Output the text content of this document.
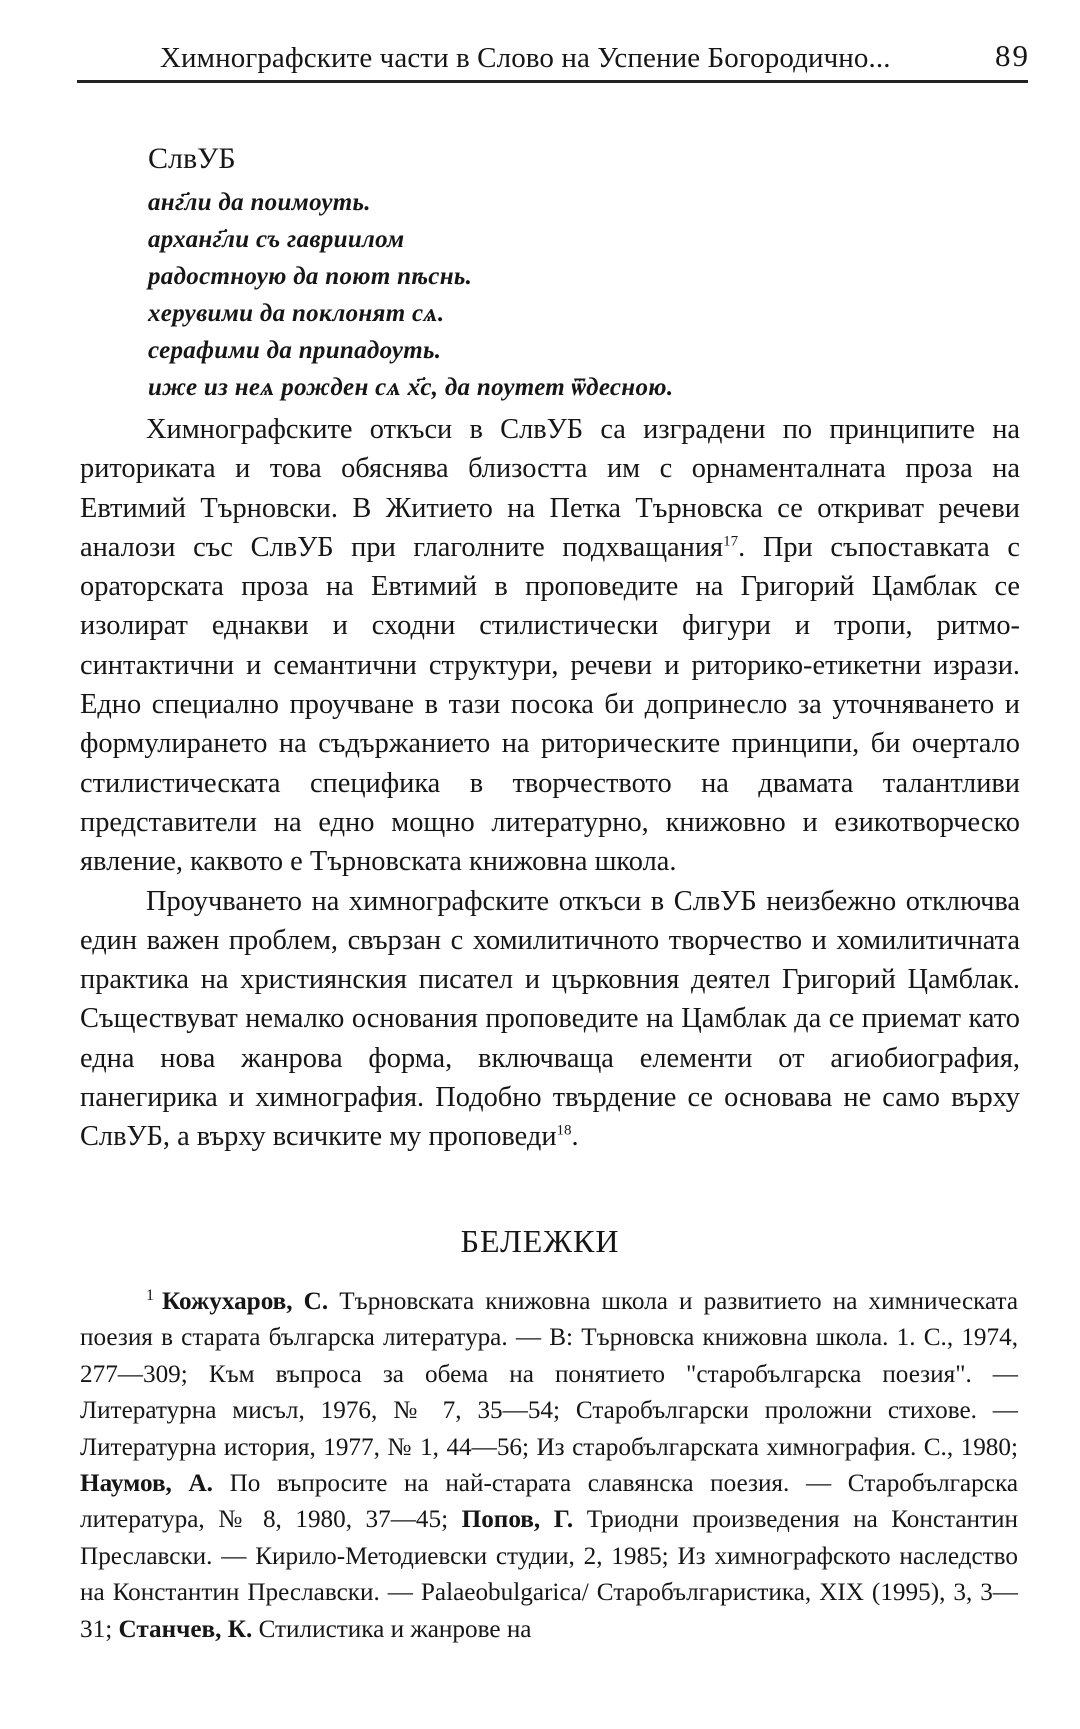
Химнографските части в Слово на Успение Богородично...	89
СлвУБ
анг҃ли да поимоуть.
арханг҃ли съ гавриилом
радостноую да поют пѣснь.
херувими да поклонят сѧ.
серафими да припадоуть.
иже из неѧ рожден сѧ х҃с, да поутет ѿдесною.

Химнографските откъси в СлвУБ са изградени по принципите на риториката и това обяснява близостта им с орнаменталната проза на Евтимий Търновски. В Житието на Петка Търновска се откриват речеви аналози със СлвУБ при глаголните подхващания$^{17}$. При съпоставката с ораторската проза на Евтимий в проповедите на Григорий Цамблак се изолират еднакви и сходни стилистически фигури и тропи, ритмо-синтактични и семантични структури, речеви и риторико-етикетни изрази. Едно специално проучване в тази посока би допринесло за уточняването и формулирането на съдържанието на риторическите принципи, би очертало стилистическата специфика в творчеството на двамата талантливи представители на едно мощно литературно, книжовно и езикотворческо явление, каквото е Търновската книжовна школа.

Проучването на химнографските откъси в СлвУБ неизбежно отключва един важен проблем, свързан с хомилитичното творчество и хомилитичната практика на християнския писател и църковния деятел Григорий Цамблак. Съществуват немалко основания проповедите на Цамблак да се приемат като една нова жанрова форма, включваща елементи от агиобиография, панегирика и химнография. Подобно твърдение се основава не само върху СлвУБ, а върху всичките му проповеди$^{18}$.

БЕЛЕЖКИ

$^1$ Кожухаров, С. Търновската книжовна школа и развитието на химническата поезия в старата българска литература. — В: Търновска книжовна школа. 1. С., 1974, 277—309; Към въпроса за обема на понятието "старобългарска поезия". — Литературна мисъл, 1976, № 7, 35—54; Старобългарски проложни стихове. — Литературна история, 1977, № 1, 44—56; Из старобългарската химнография. С., 1980; Наумов, А. По въпросите на най-старата славянска поезия. — Старобългарска литература, № 8, 1980, 37—45; Попов, Г. Триодни произведения на Константин Преславски. — Кирило-Методиевски студии, 2, 1985; Из химнографското наследство на Константин Преславски. — Palaeobulgarica/ Старобългаристика, XIX (1995), 3, 3—31; Станчев, К. Стилистика и жанрове на
